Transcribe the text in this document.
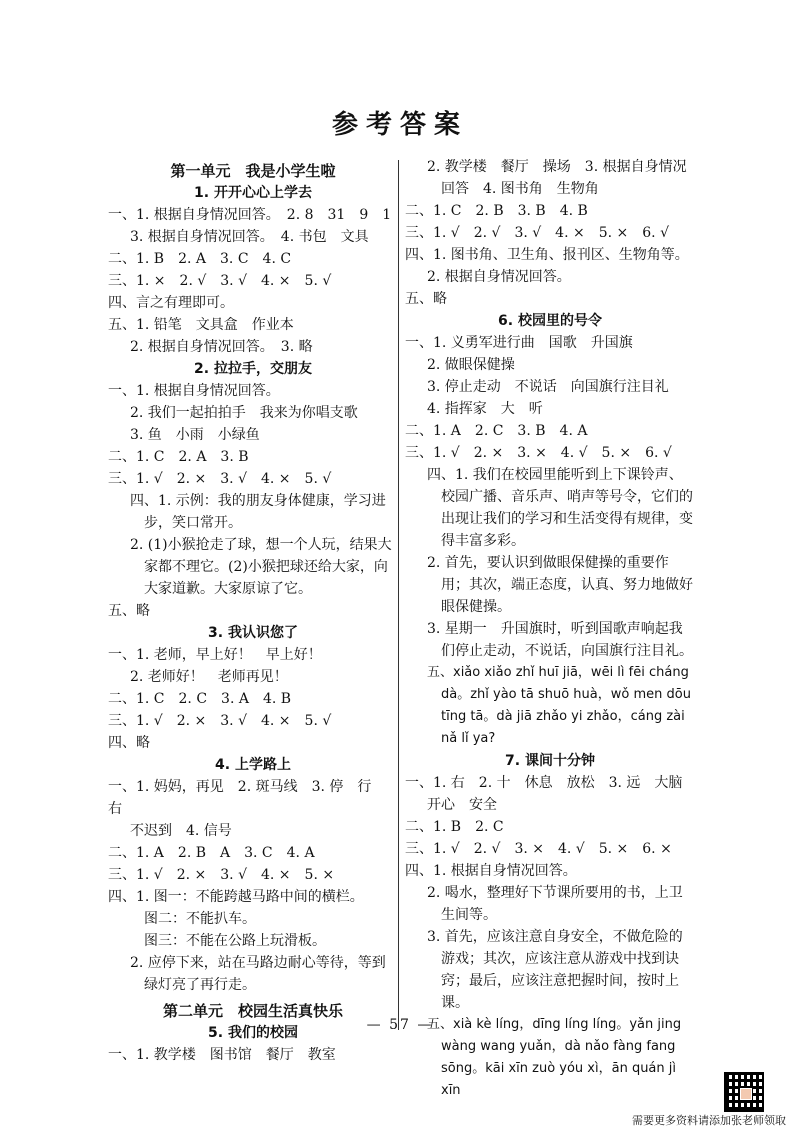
参考答案
第一单元　我是小学生啦
1. 开开心心上学去
一、1. 根据自身情况回答。　2. 8　31　9　1
3. 根据自身情况回答。　4. 书包　文具
二、1. B　2. A　3. C　4. C
三、1. ×　2. √　3. √　4. ×　5. √
四、言之有理即可。
五、1. 铅笔　文具盒　作业本
2. 根据自身情况回答。　3. 略
2. 拉拉手，交朋友
一、1. 根据自身情况回答。
2. 我们一起拍拍手　我来为你唱支歌
3. 鱼　小雨　小绿鱼
二、1. C　2. A　3. B
三、1. √　2. ×　3. √　4. ×　5. √
四、1. 示例：我的朋友身体健康，学习进步，笑口常开。
2. (1)小猴抢走了球，想一个人玩，结果大家都不理它。(2)小猴把球还给大家，向大家道歉。大家原谅了它。
五、略
3. 我认识您了
一、1. 老师，早上好！　早上好！
2. 老师好！　老师再见！
二、1. C　2. C　3. A　4. B
三、1. √　2. ×　3. √　4. ×　5. √
四、略
4. 上学路上
一、1. 妈妈，再见　2. 斑马线　3. 停　行　右
不迟到　4. 信号
二、1. A　2. B　A　3. C　4. A
三、1. √　2. ×　3. √　4. ×　5. ×
四、1. 图一：不能跨越马路中间的横栏。
图二：不能扒车。
图三：不能在公路上玩滑板。
2. 应停下来，站在马路边耐心等待，等到绿灯亮了再行走。
第二单元　校园生活真快乐
5. 我们的校园
一、1. 教学楼　图书馆　餐厅　教室
2. 教学楼　餐厅　操场　3. 根据自身情况回答　4. 图书角　生物角
二、1. C　2. B　3. B　4. B
三、1. √　2. √　3. √　4. ×　5. ×　6. √
四、1. 图书角、卫生角、报刊区、生物角等。
2. 根据自身情况回答。
五、略
6. 校园里的号令
一、1. 义勇军进行曲　国歌　升国旗
2. 做眼保健操
3. 停止走动　不说话　向国旗行注目礼
4. 指挥家　大　听
二、1. A　2. C　3. B　4. A
三、1. √　2. ×　3. ×　4. √　5. ×　6. √
四、1. 我们在校园里能听到上下课铃声、校园广播、音乐声、哨声等号令，它们的出现让我们的学习和生活变得有规律，变得丰富多彩。
2. 首先，要认识到做眼保健操的重要作用；其次，端正态度，认真、努力地做好眼保健操。
3. 星期一　升国旗时，听到国歌声响起我们停止走动，不说话，向国旗行注目礼。
五、xiǎo xiǎo zhǐ huī jiā，wēi lì fēi cháng dà。zhǐ yào tā shuō huà，wǒ men dōu tīng tā。dà jiā zhǎo yi zhǎo，cáng zài nǎ lǐ ya?
7. 课间十分钟
一、1. 右　2. 十　休息　放松　3. 远　大脑
开心　安全
二、1. B　2. C
三、1. √　2. √　3. ×　4. √　5. ×　6. ×
四、1. 根据自身情况回答。
2. 喝水，整理好下节课所要用的书，上卫生间等。
3. 首先，应该注意自身安全，不做危险的游戏；其次，应该注意从游戏中找到诀窍；最后，应该注意把握时间，按时上课。
五、xià kè líng，dīng líng líng。yǎn jing wàng wang yuǎn，dà nǎo fàng fang sōng。kāi xīn zuò yóu xì，ān quán jì xīn
— 57 —
需要更多资料请添加张老师领取
